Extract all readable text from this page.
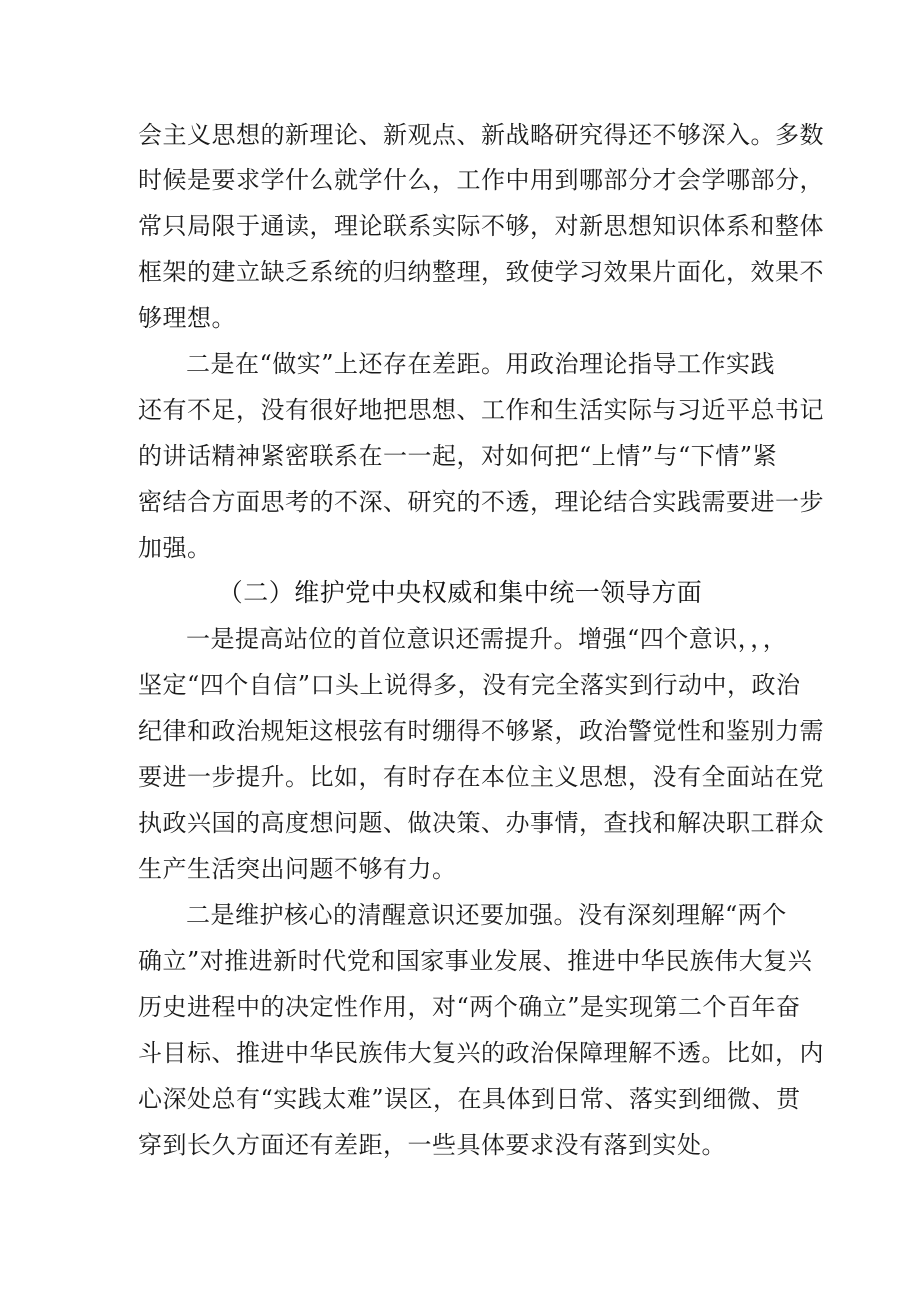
会主义思想的新理论、新观点、新战略研究得还不够深入。多数
时候是要求学什么就学什么，工作中用到哪部分才会学哪部分，
常只局限于通读，理论联系实际不够，对新思想知识体系和整体
框架的建立缺乏系统的归纳整理，致使学习效果片面化，效果不
够理想。
二是在“做实”上还存在差距。用政治理论指导工作实践
还有不足，没有很好地把思想、工作和生活实际与习近平总书记
的讲话精神紧密联系在一一起，对如何把“上情”与“下情”紧
密结合方面思考的不深、研究的不透，理论结合实践需要进一步
加强。
（二）维护党中央权威和集中统一领导方面
一是提高站位的首位意识还需提升。增强“四个意识，，，
坚定“四个自信”口头上说得多，没有完全落实到行动中，政治
纪律和政治规矩这根弦有时绷得不够紧，政治警觉性和鉴别力需
要进一步提升。比如，有时存在本位主义思想，没有全面站在党
执政兴国的高度想问题、做决策、办事情，查找和解决职工群众
生产生活突出问题不够有力。
二是维护核心的清醒意识还要加强。没有深刻理解“两个
确立”对推进新时代党和国家事业发展、推进中华民族伟大复兴
历史进程中的决定性作用，对“两个确立”是实现第二个百年奋
斗目标、推进中华民族伟大复兴的政治保障理解不透。比如，内
心深处总有“实践太难”误区，在具体到日常、落实到细微、贯
穿到长久方面还有差距，一些具体要求没有落到实处。
